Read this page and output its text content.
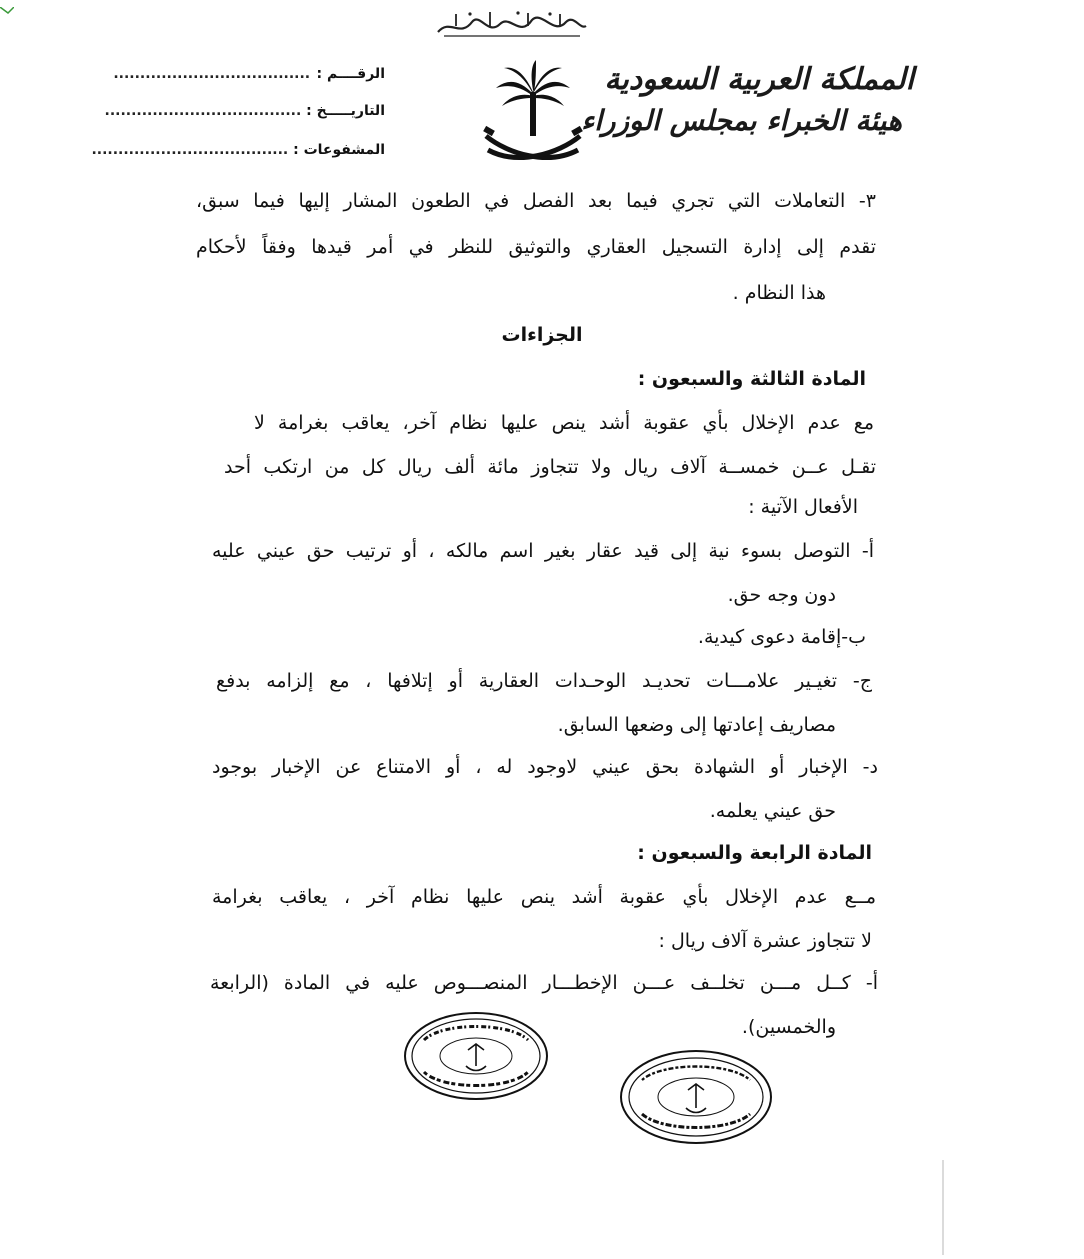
المملكة العربية السعودية
هيئة الخبراء بمجلس الوزراء
الرقــــم : .....................................
التاريـــــخ : .....................................
المشفوعات : .....................................
٣- التعاملات التي تجري فيما بعد الفصل في الطعون المشار إليها فيما سبق،
تقدم إلى إدارة التسجيل العقاري والتوثيق للنظر في أمر قيدها وفقاً لأحكام
هذا النظام .
الجزاءات
المادة الثالثة والسبعون :
مع عدم الإخلال بأي عقوبة أشد ينص عليها نظام آخر، يعاقب بغرامة لا
تقـل عــن خمســة آلاف ريال ولا تتجاوز مائة ألف ريال كل من ارتكب أحد
الأفعال الآتية :
أ- التوصل بسوء نية إلى قيد عقار بغير اسم مالكه ، أو ترتيب حق عيني عليه
دون وجه حق.
ب-إقامة دعوى كيدية.
ج- تغيـير علامـــات تحديـد الوحـدات العقارية أو إتلافها ، مع إلزامه بدفع
مصاريف إعادتها إلى وضعها السابق.
د- الإخبار أو الشهادة بحق عيني لاوجود له ، أو الامتناع عن الإخبار بوجود
حق عيني يعلمه.
المادة الرابعة والسبعون :
مــع عدم الإخلال بأي عقوبة أشد ينص عليها نظام آخر ، يعاقب بغرامة
لا تتجاوز عشرة آلاف ريال :
أ- كــل مـــن تخلــف عـــن الإخطـــار المنصـــوص عليه في المادة (الرابعة
والخمسين).
